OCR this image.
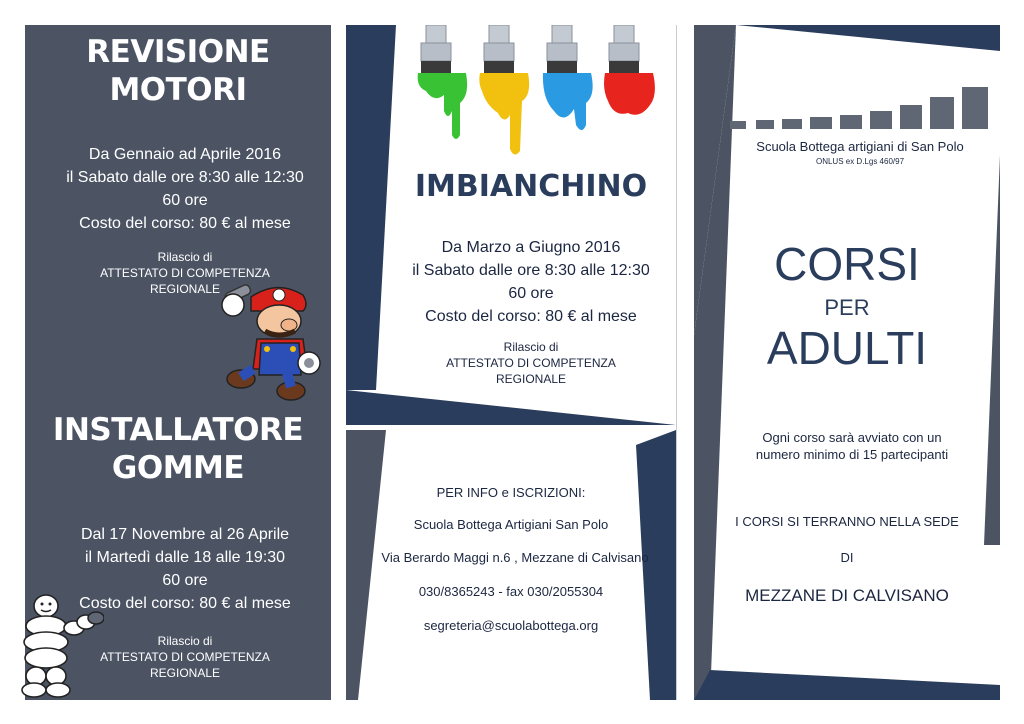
REVISIONE
MOTORI
Da Gennaio ad Aprile 2016
il Sabato dalle ore 8:30 alle 12:30
60 ore
Costo del corso: 80 € al mese
Rilascio di
ATTESTATO DI COMPETENZA
REGIONALE
INSTALLATORE
GOMME
Dal 17 Novembre al 26 Aprile
il Martedì dalle 18 alle 19:30
60 ore
Costo del corso: 80 € al mese
Rilascio di
ATTESTATO DI COMPETENZA
REGIONALE
IMBIANCHINO
Da Marzo a Giugno 2016
il Sabato dalle ore 8:30 alle 12:30
60 ore
Costo del corso: 80 € al mese
Rilascio di
ATTESTATO DI COMPETENZA
REGIONALE
PER INFO e ISCRIZIONI:
Scuola Bottega Artigiani San Polo
Via Berardo Maggi n.6 , Mezzane di Calvisano
030/8365243 - fax 030/2055304
segreteria@scuolabottega.org
Scuola Bottega artigiani di San Polo
ONLUS ex D.Lgs 460/97
CORSI
PER
ADULTI
Ogni corso sarà avviato con un
numero minimo di 15 partecipanti
I CORSI SI TERRANNO NELLA SEDE
DI
MEZZANE DI CALVISANO
